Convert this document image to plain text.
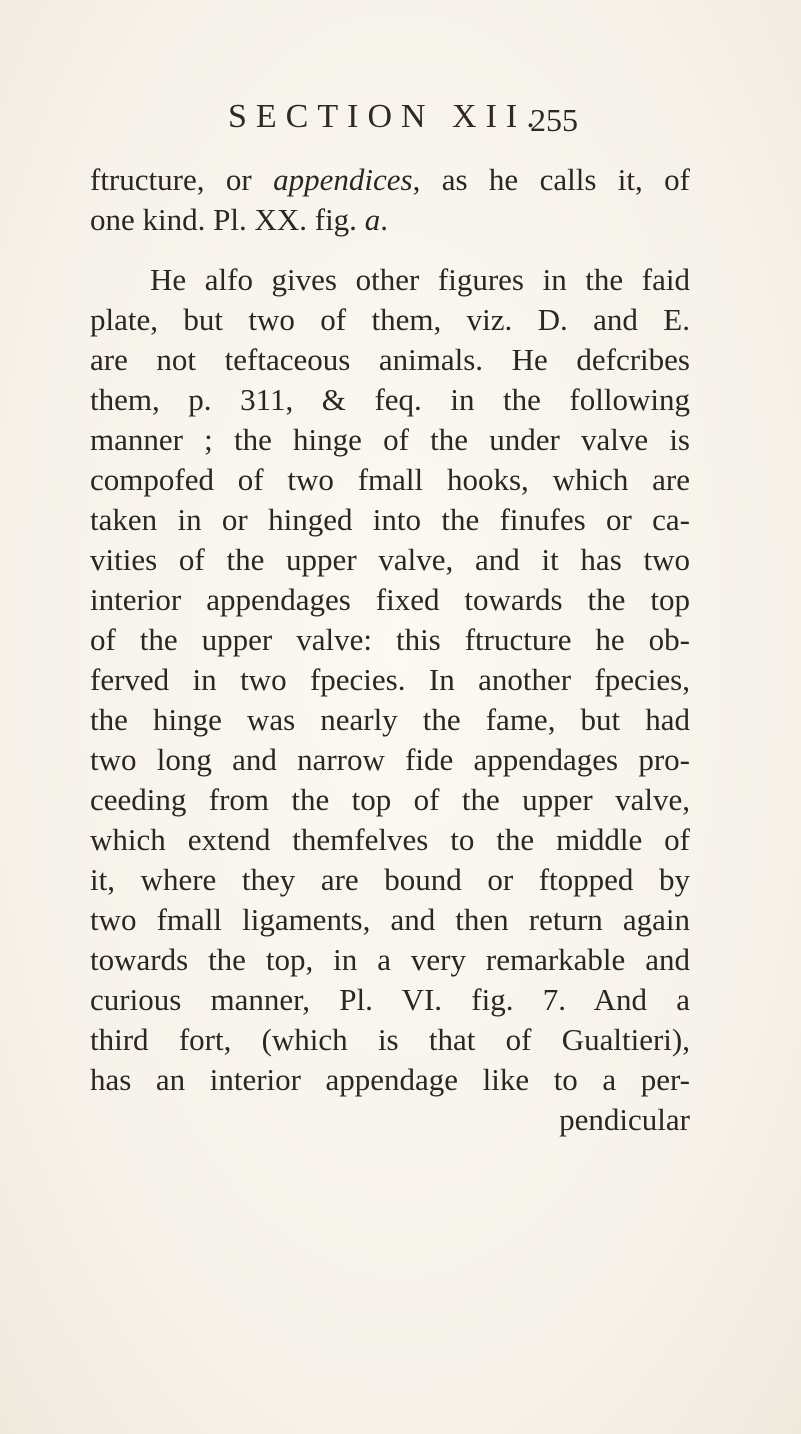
SECTION XII.
255
ftructure, or appendices, as he calls it, of
one kind. Pl. XX. fig. a.
He alfo gives other figures in the faid
plate, but two of them, viz. D. and E.
are not teftaceous animals. He defcribes
them, p. 311, & feq. in the following
manner ; the hinge of the under valve is
compofed of two fmall hooks, which are
taken in or hinged into the finufes or ca-
vities of the upper valve, and it has two
interior appendages fixed towards the top
of the upper valve: this ftructure he ob-
ferved in two fpecies. In another fpecies,
the hinge was nearly the fame, but had
two long and narrow fide appendages pro-
ceeding from the top of the upper valve,
which extend themfelves to the middle of
it, where they are bound or ftopped by
two fmall ligaments, and then return again
towards the top, in a very remarkable and
curious manner, Pl. VI. fig. 7. And a
third fort, (which is that of Gualtieri),
has an interior appendage like to a per-
pendicular
